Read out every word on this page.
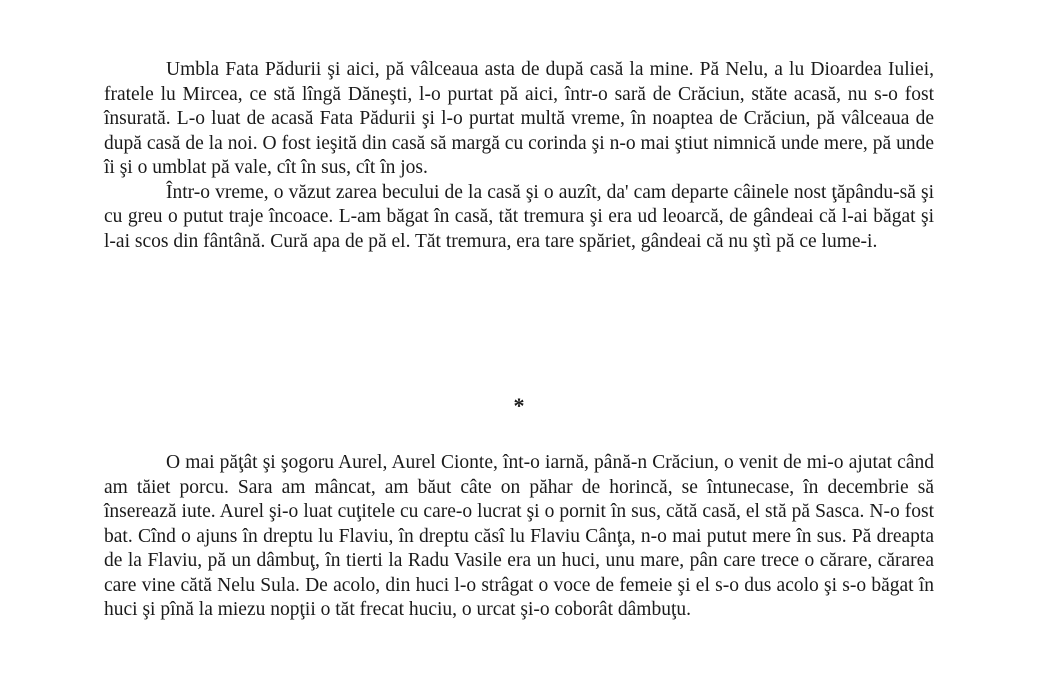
Umbla Fata Pădurii şi aici, pă vâlceaua asta de după casă la mine. Pă Nelu, a lu Dioardea Iuliei, fratele lu Mircea, ce stă lîngă Dăneşti, l-o purtat pă aici, într-o sară de Crăciun, stăte acasă, nu s-o fost însurată. L-o luat de acasă Fata Pădurii şi l-o purtat multă vreme, în noaptea de Crăciun, pă vâlceaua de după casă de la noi. O fost ieşită din casă să margă cu corinda şi n-o mai ştiut nimnică unde mere, pă unde îi şi o umblat pă vale, cît în sus, cît în jos.

Într-o vreme, o văzut zarea becului de la casă şi o auzît, da' cam departe câinele nost ţăpându-să şi cu greu o putut traje încoace. L-am băgat în casă, tăt tremura şi era ud leoarcă, de gândeai că l-ai băgat şi l-ai scos din fântână. Cură apa de pă el. Tăt tremura, era tare spăriet, gândeai că nu ştì pă ce lume-i.

*

O mai păţât şi şogoru Aurel, Aurel Cionte, înt-o iarnă, până-n Crăciun, o venit de mi-o ajutat când am tăiet porcu. Sara am mâncat, am băut câte on păhar de horincă, se întunecase, în decembrie să înserează iute. Aurel şi-o luat cuţitele cu care-o lucrat şi o pornit în sus, cătă casă, el stă pă Sasca. N-o fost bat. Cînd o ajuns în dreptu lu Flaviu, în dreptu căsî lu Flaviu Cânţa, n-o mai putut mere în sus. Pă dreapta de la Flaviu, pă un dâmbuţ, în tierti la Radu Vasile era un huci, unu mare, pân care trece o cărare, cărarea care vine cătă Nelu Sula. De acolo, din huci l-o strâgat o voce de femeie şi el s-o dus acolo şi s-o băgat în huci şi pînă la miezu nopţii o tăt frecat huciu, o urcat şi-o coborât dâmbuţu.
